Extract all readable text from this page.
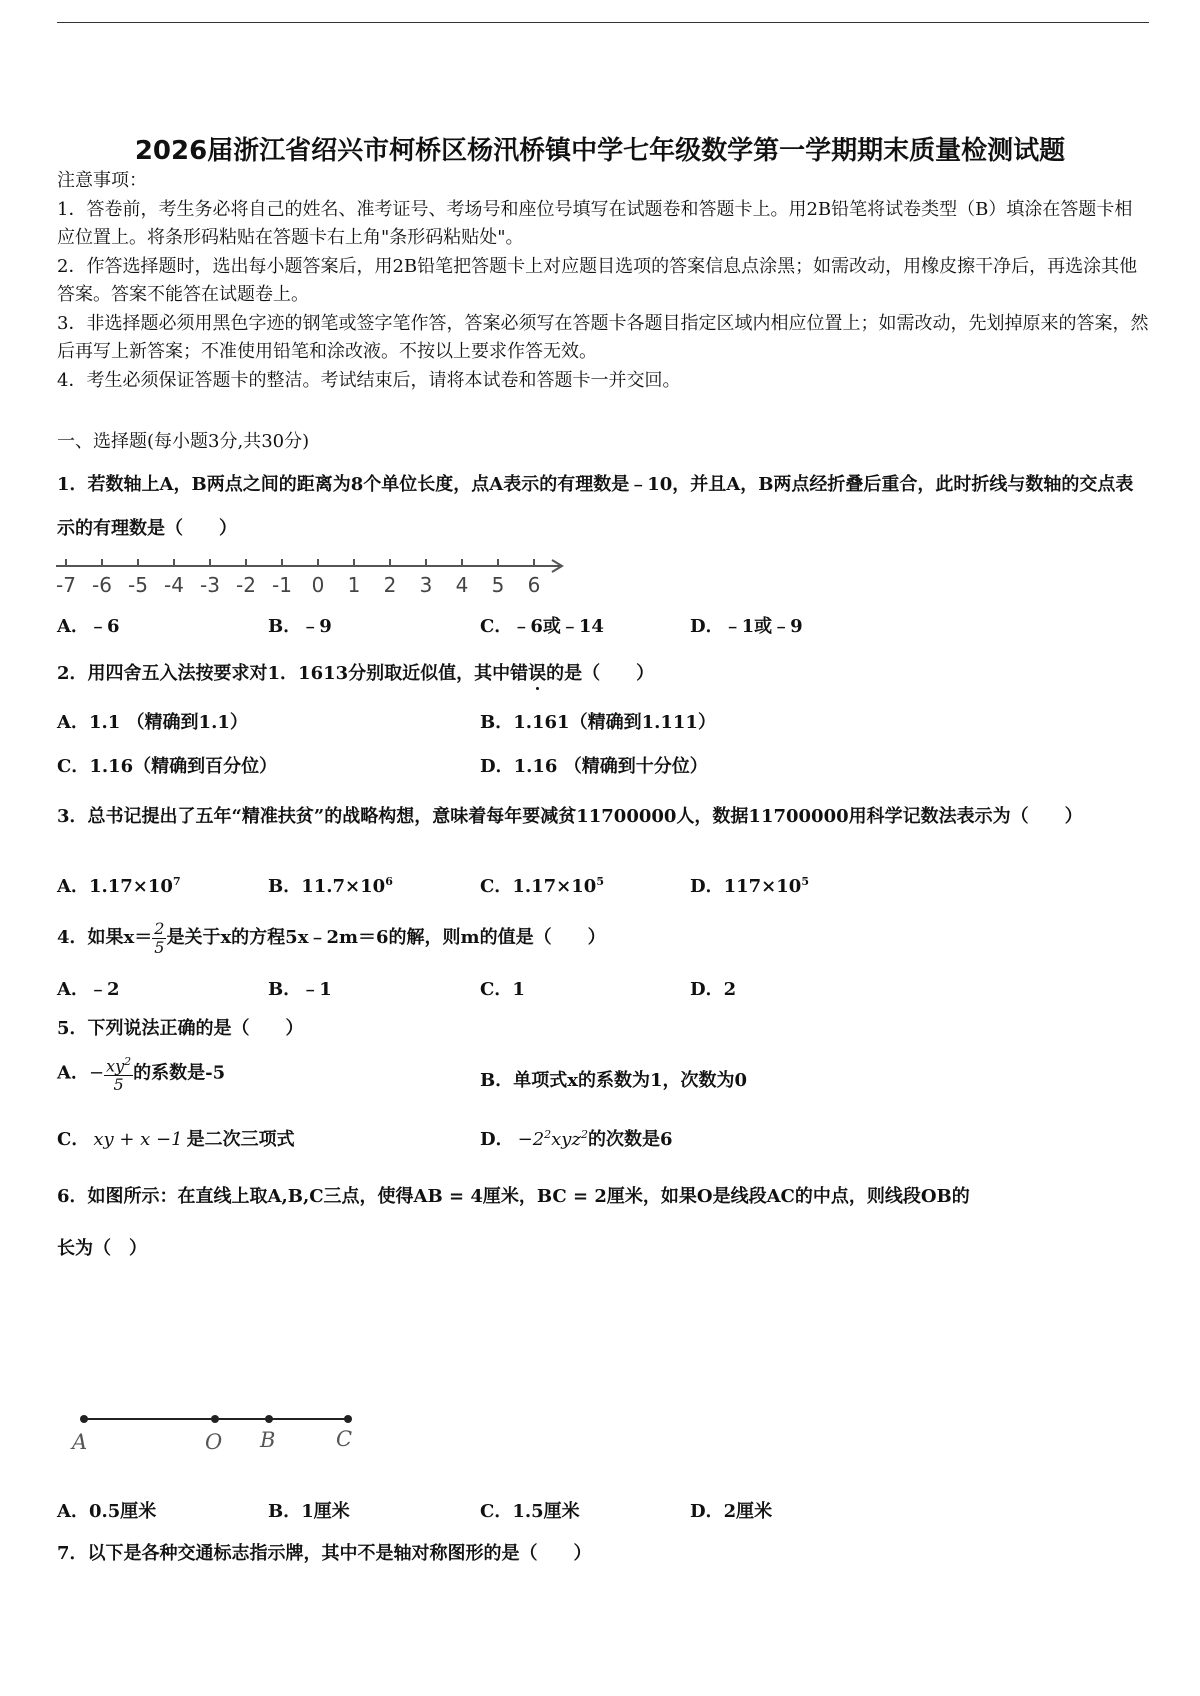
2026届浙江省绍兴市柯桥区杨汛桥镇中学七年级数学第一学期期末质量检测试题
注意事项：
1．答卷前，考生务必将自己的姓名、准考证号、考场号和座位号填写在试题卷和答题卡上。用2B铅笔将试卷类型（B）填涂在答题卡相应位置上。将条形码粘贴在答题卡右上角"条形码粘贴处"。
2．作答选择题时，选出每小题答案后，用2B铅笔把答题卡上对应题目选项的答案信息点涂黑；如需改动，用橡皮擦干净后，再选涂其他答案。答案不能答在试题卷上。
3．非选择题必须用黑色字迹的钢笔或签字笔作答，答案必须写在答题卡各题目指定区域内相应位置上；如需改动，先划掉原来的答案，然后再写上新答案；不准使用铅笔和涂改液。不按以上要求作答无效。
4．考生必须保证答题卡的整洁。考试结束后，请将本试卷和答题卡一并交回。
一、选择题(每小题3分,共30分)
1．若数轴上A，B两点之间的距离为8个单位长度，点A表示的有理数是﹣10，并且A，B两点经折叠后重合，此时折线与数轴的交点表示的有理数是（　　）
-7 -6 -5 -4 -3 -2 -1 0 1 2 3 4 5 6
A．﹣6	B．﹣9	C．﹣6或﹣14	D．﹣1或﹣9
2．用四舍五入法按要求对1．1613分别取近似值，其中错误的是（　　）
A．1.1 （精确到1.1）	B．1.161（精确到1.111）
C．1.16（精确到百分位）	D．1.16 （精确到十分位）
3．总书记提出了五年“精准扶贫”的战略构想，意味着每年要减贫11700000人，数据11700000用科学记数法表示为（　　）
A．$1.17\times 10^7$	B．$11.7\times 10^6$	C．$1.17\times 10^5$	D．$117\times 10^5$
4．如果$x= \frac{2}{5}$ 是关于x的方程5x﹣2m＝6的解，则m的值是（　　）
A．﹣2	B．﹣1	C．1	D．2
5．下列说法正确的是（　　）
A．− $\frac{xy^2}{5}$ 的系数是-5	B．单项式x的系数为1，次数为0
C． xy + x −1 是二次三项式	D． $-2^2xyz^2$的次数是6
6．如图所示：在直线上取A,B,C三点，使得AB = 4厘米，BC = 2厘米，如果O是线段AC的中点，则线段OB的
长为（　）
A	O B	C
A．0.5厘米	B．1厘米	C．1.5厘米	D．2厘米
7．以下是各种交通标志指示牌，其中不是轴对称图形的是（　　）
